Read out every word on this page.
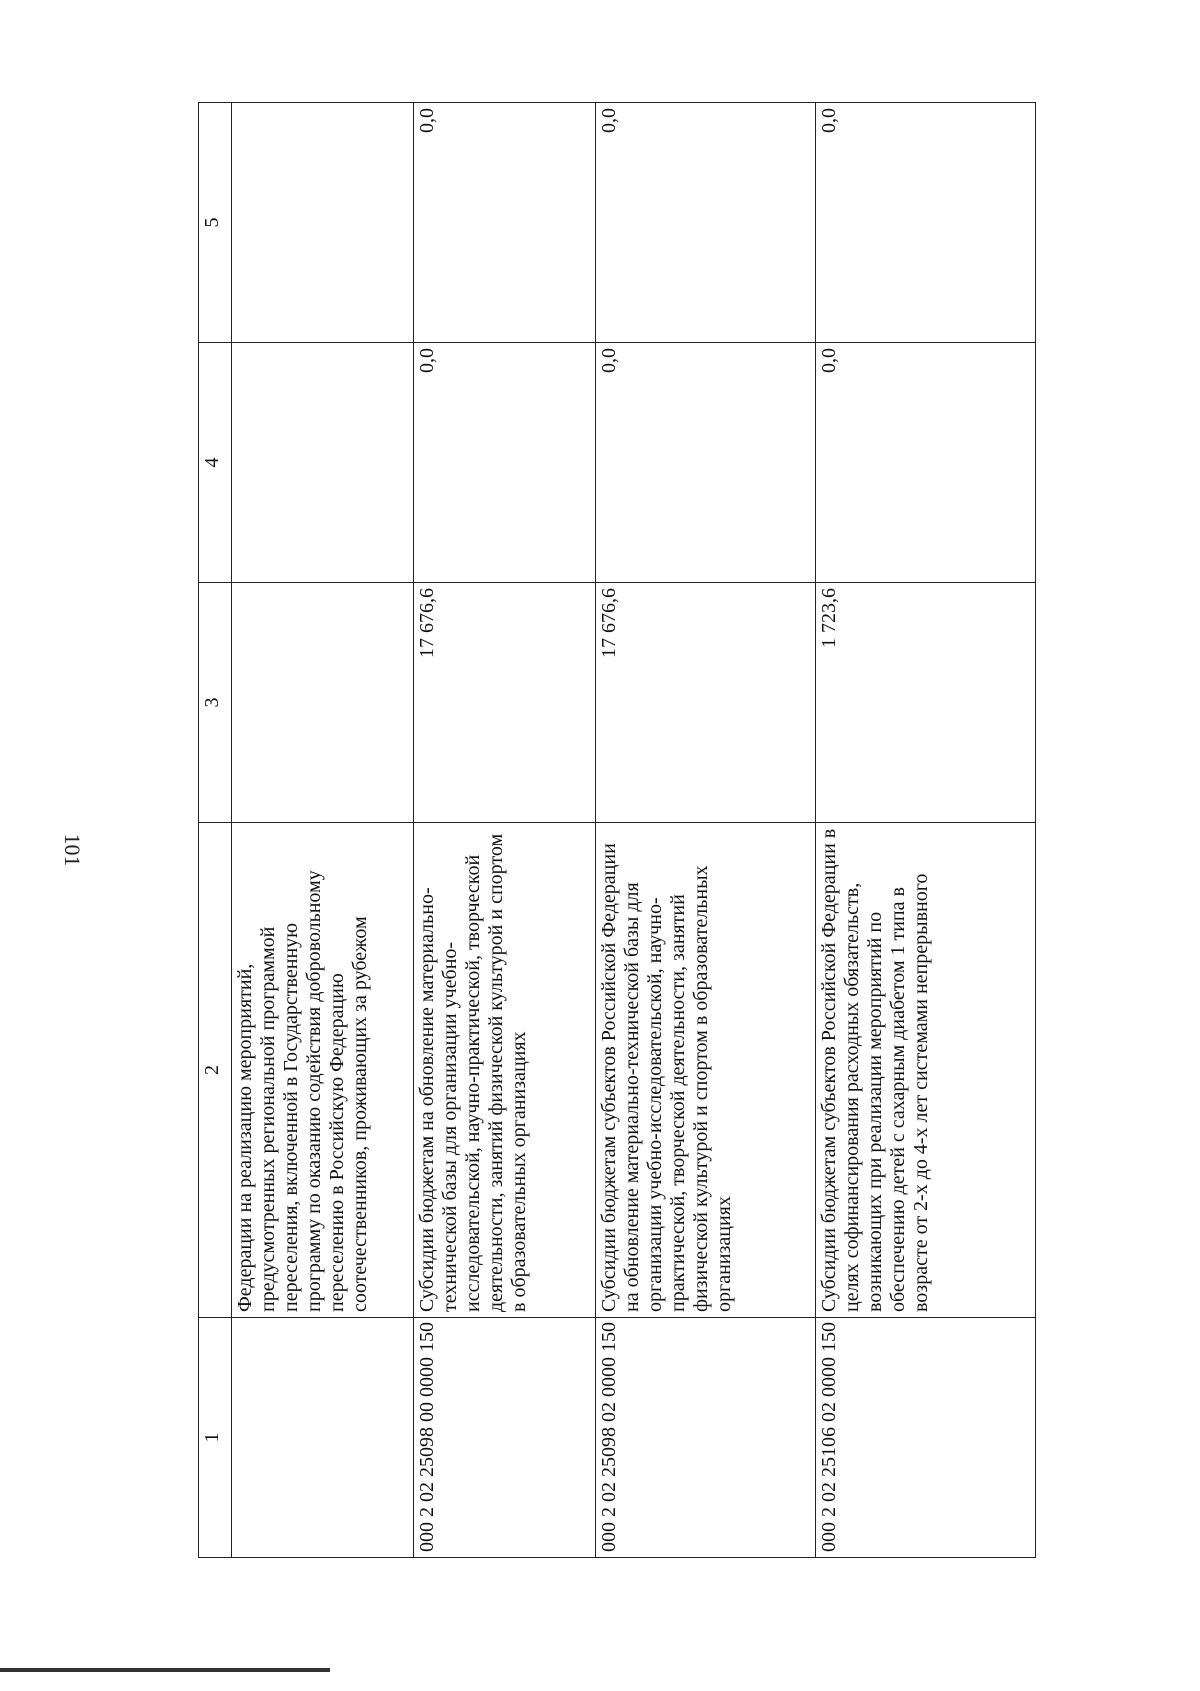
101
1	2	3	4	5
	Федерации на реализацию мероприятий, предусмотренных региональной программой переселения, включенной в Государственную программу по оказанию содействия добровольному переселению в Российскую Федерацию соотечественников, проживающих за рубежом			
000 2 02 25098 00 0000 150	Субсидии бюджетам на обновление материально-технической базы для организации учебно-исследовательской, научно-практической, творческой деятельности, занятий физической культурой и спортом в образовательных организациях	17 676,6	0,0	0,0
000 2 02 25098 02 0000 150	Субсидии бюджетам субъектов Российской Федерации на обновление материально-технической базы для организации учебно-исследовательской, научно-практической, творческой деятельности, занятий физической культурой и спортом в образовательных организациях	17 676,6	0,0	0,0
000 2 02 25106 02 0000 150	Субсидии бюджетам субъектов Российской Федерации в целях софинансирования расходных обязательств, возникающих при реализации мероприятий по обеспечению детей с сахарным диабетом 1 типа в возрасте от 2-х до 4-х лет системами непрерывного	1 723,6	0,0	0,0
